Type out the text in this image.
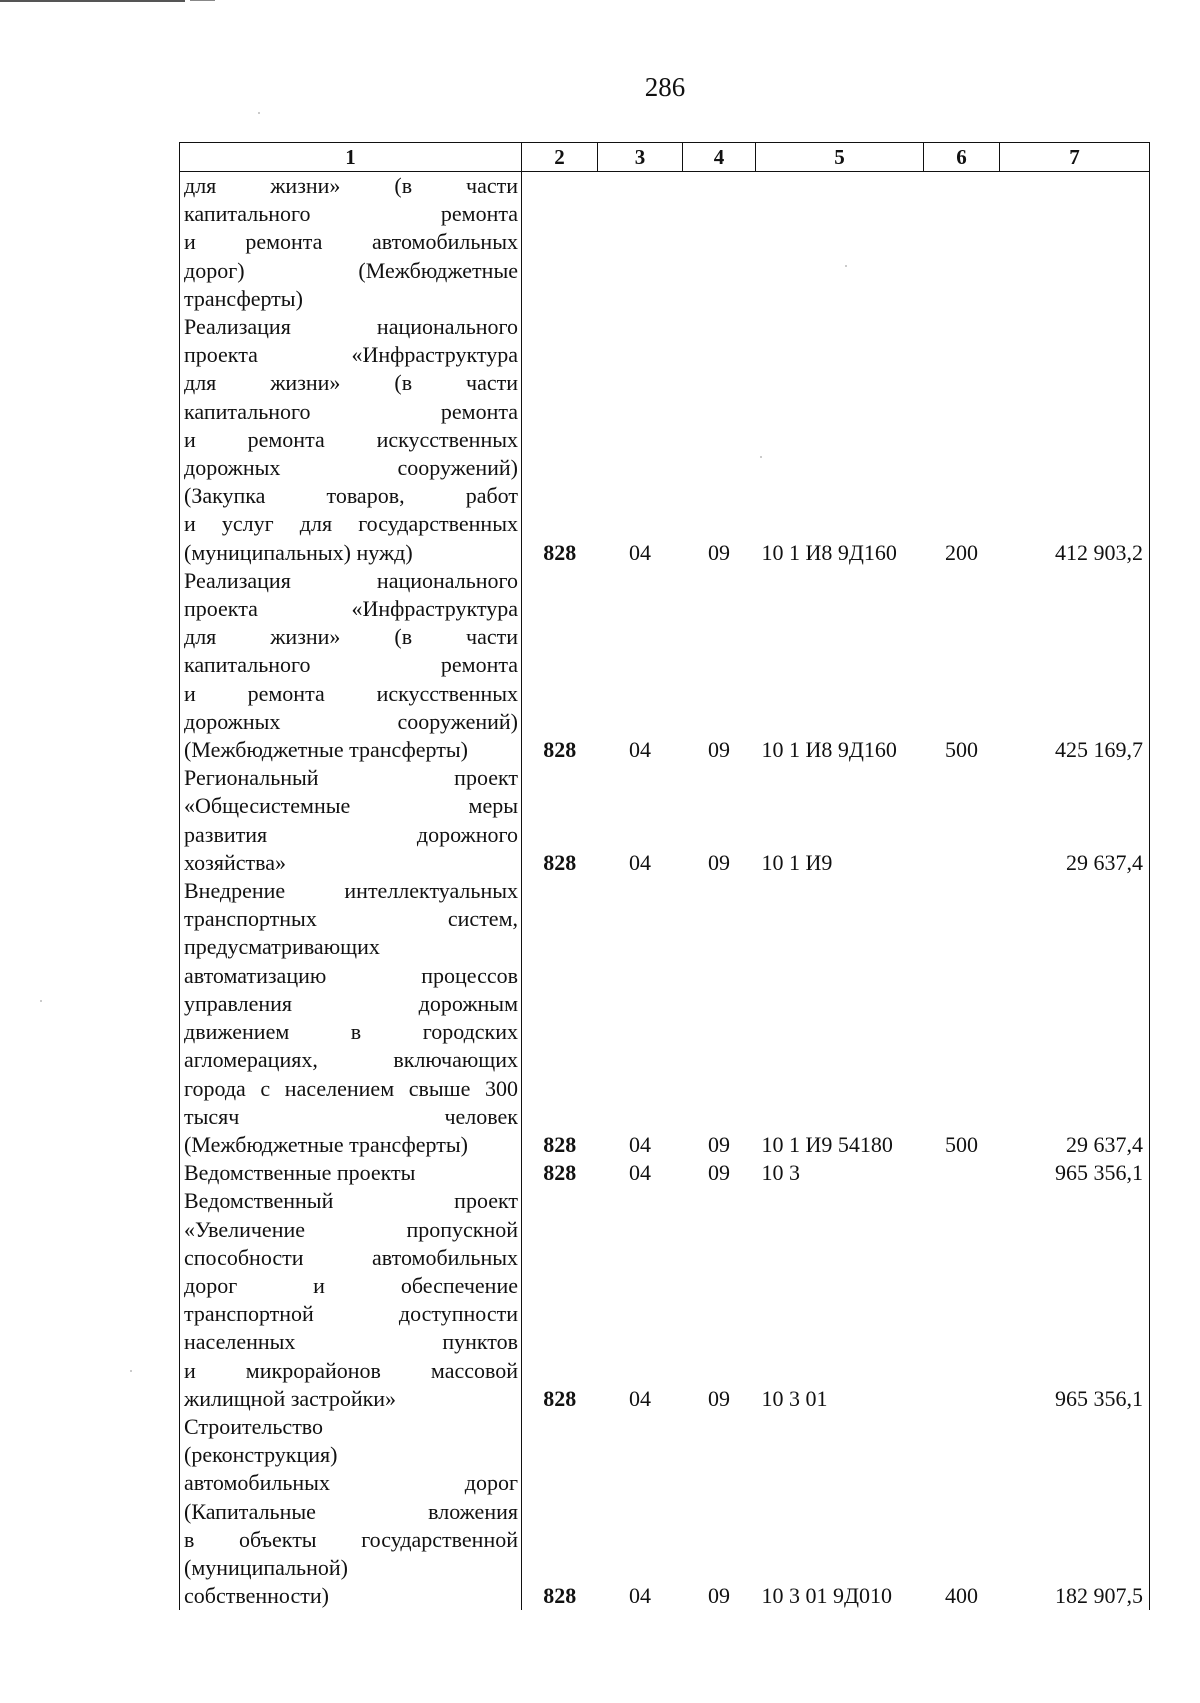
286
1	2	3	4	5	6	7
для жизни» (в части						
капитального ремонта						
и ремонта автомобильных						
дорог) (Межбюджетные						
трансферты)						
Реализация национального						
проекта «Инфраструктура						
для жизни» (в части						
капитального ремонта						
и ремонта искусственных						
дорожных сооружений)						
(Закупка товаров, работ						
и услуг для государственных						
(муниципальных) нужд)	828	04	09	10 1 И8 9Д160	200	412 903,2
Реализация национального						
проекта «Инфраструктура						
для жизни» (в части						
капитального ремонта						
и ремонта искусственных						
дорожных сооружений)						
(Межбюджетные трансферты)	828	04	09	10 1 И8 9Д160	500	425 169,7
Региональный проект						
«Общесистемные меры						
развития дорожного						
хозяйства»	828	04	09	10 1 И9		29 637,4
Внедрение интеллектуальных						
транспортных систем,						
предусматривающих						
автоматизацию процессов						
управления дорожным						
движением в городских						
агломерациях, включающих						
города с населением свыше 300						
тысяч человек						
(Межбюджетные трансферты)	828	04	09	10 1 И9 54180	500	29 637,4
Ведомственные проекты	828	04	09	10 3		965 356,1
Ведомственный проект						
«Увеличение пропускной						
способности автомобильных						
дорог и обеспечение						
транспортной доступности						
населенных пунктов						
и микрорайонов массовой						
жилищной застройки»	828	04	09	10 3 01		965 356,1
Строительство						
(реконструкция)						
автомобильных дорог						
(Капитальные вложения						
в объекты государственной						
(муниципальной)						
собственности)	828	04	09	10 3 01 9Д010	400	182 907,5
